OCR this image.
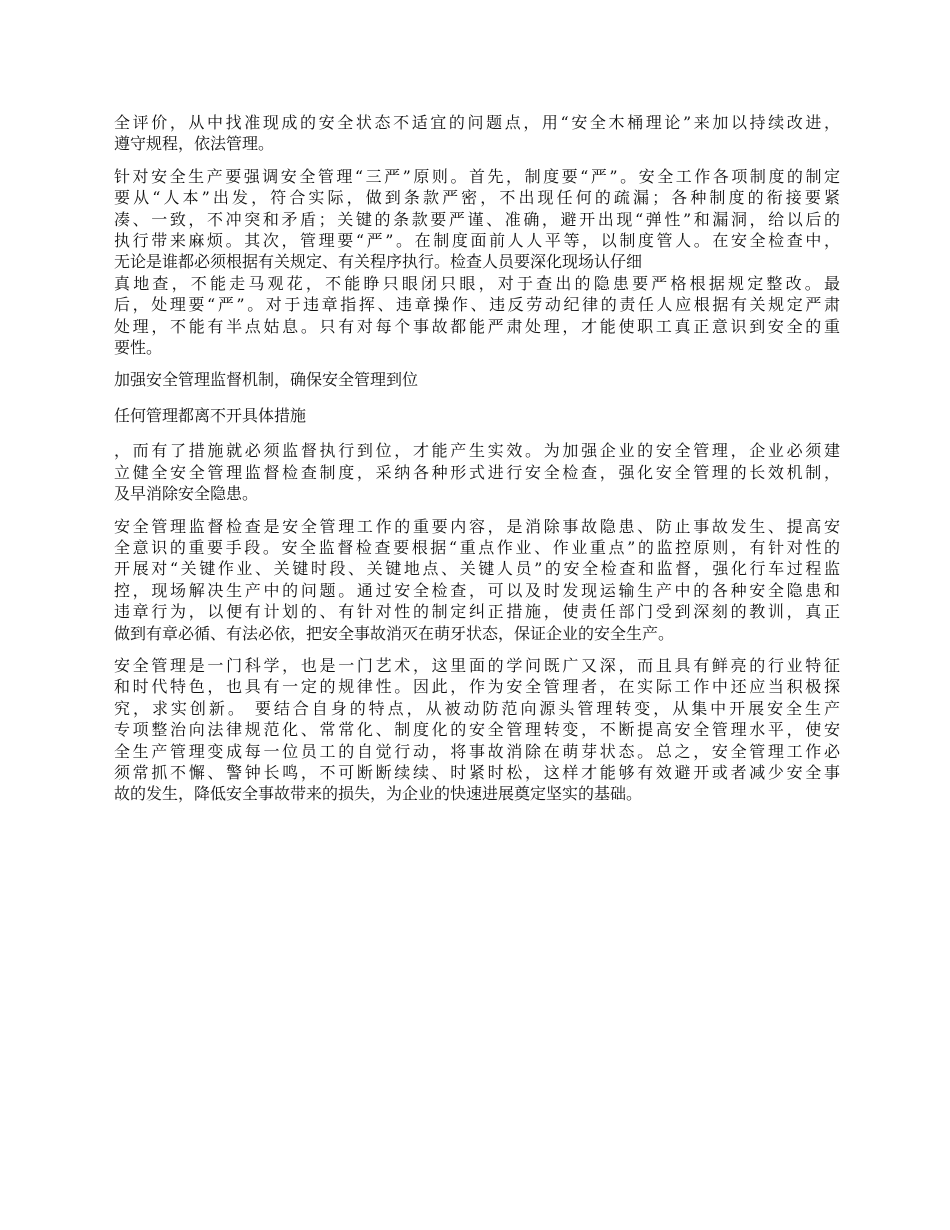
全评价，从中找准现成的安全状态不适宜的问题点，用“安全木桶理论”来加以持续改进，
遵守规程，依法管理。

针对安全生产要强调安全管理“三严”原则。首先，制度要“严”。安全工作各项制度的制定
要从“人本”出发，符合实际，做到条款严密，不出现任何的疏漏；各种制度的衔接要紧
凑、一致，不冲突和矛盾；关键的条款要严谨、准确，避开出现“弹性”和漏洞，给以后的
执行带来麻烦。其次，管理要“严”。在制度面前人人平等，以制度管人。在安全检查中，
无论是谁都必须根据有关规定、有关程序执行。检查人员要深化现场认仔细
真地查，不能走马观花，不能睁只眼闭只眼，对于查出的隐患要严格根据规定整改。最
后，处理要“严”。对于违章指挥、违章操作、违反劳动纪律的责任人应根据有关规定严肃
处理，不能有半点姑息。只有对每个事故都能严肃处理，才能使职工真正意识到安全的重
要性。

加强安全管理监督机制，确保安全管理到位

任何管理都离不开具体措施

，而有了措施就必须监督执行到位，才能产生实效。为加强企业的安全管理，企业必须建
立健全安全管理监督检查制度，采纳各种形式进行安全检查，强化安全管理的长效机制，
及早消除安全隐患。

安全管理监督检查是安全管理工作的重要内容，是消除事故隐患、防止事故发生、提高安
全意识的重要手段。安全监督检查要根据“重点作业、作业重点”的监控原则，有针对性的
开展对“关键作业、关键时段、关键地点、关键人员”的安全检查和监督，强化行车过程监
控，现场解决生产中的问题。通过安全检查，可以及时发现运输生产中的各种安全隐患和
违章行为，以便有计划的、有针对性的制定纠正措施，使责任部门受到深刻的教训，真正
做到有章必循、有法必依，把安全事故消灭在萌牙状态，保证企业的安全生产。

安全管理是一门科学，也是一门艺术，这里面的学问既广又深，而且具有鲜亮的行业特征
和时代特色，也具有一定的规律性。因此，作为安全管理者，在实际工作中还应当积极探
究，求实创新。 要结合自身的特点，从被动防范向源头管理转变，从集中开展安全生产
专项整治向法律规范化、常常化、制度化的安全管理转变，不断提高安全管理水平，使安
全生产管理变成每一位员工的自觉行动，将事故消除在萌芽状态。总之，安全管理工作必
须常抓不懈、警钟长鸣，不可断断续续、时紧时松，这样才能够有效避开或者减少安全事
故的发生，降低安全事故带来的损失，为企业的快速进展奠定坚实的基础。
